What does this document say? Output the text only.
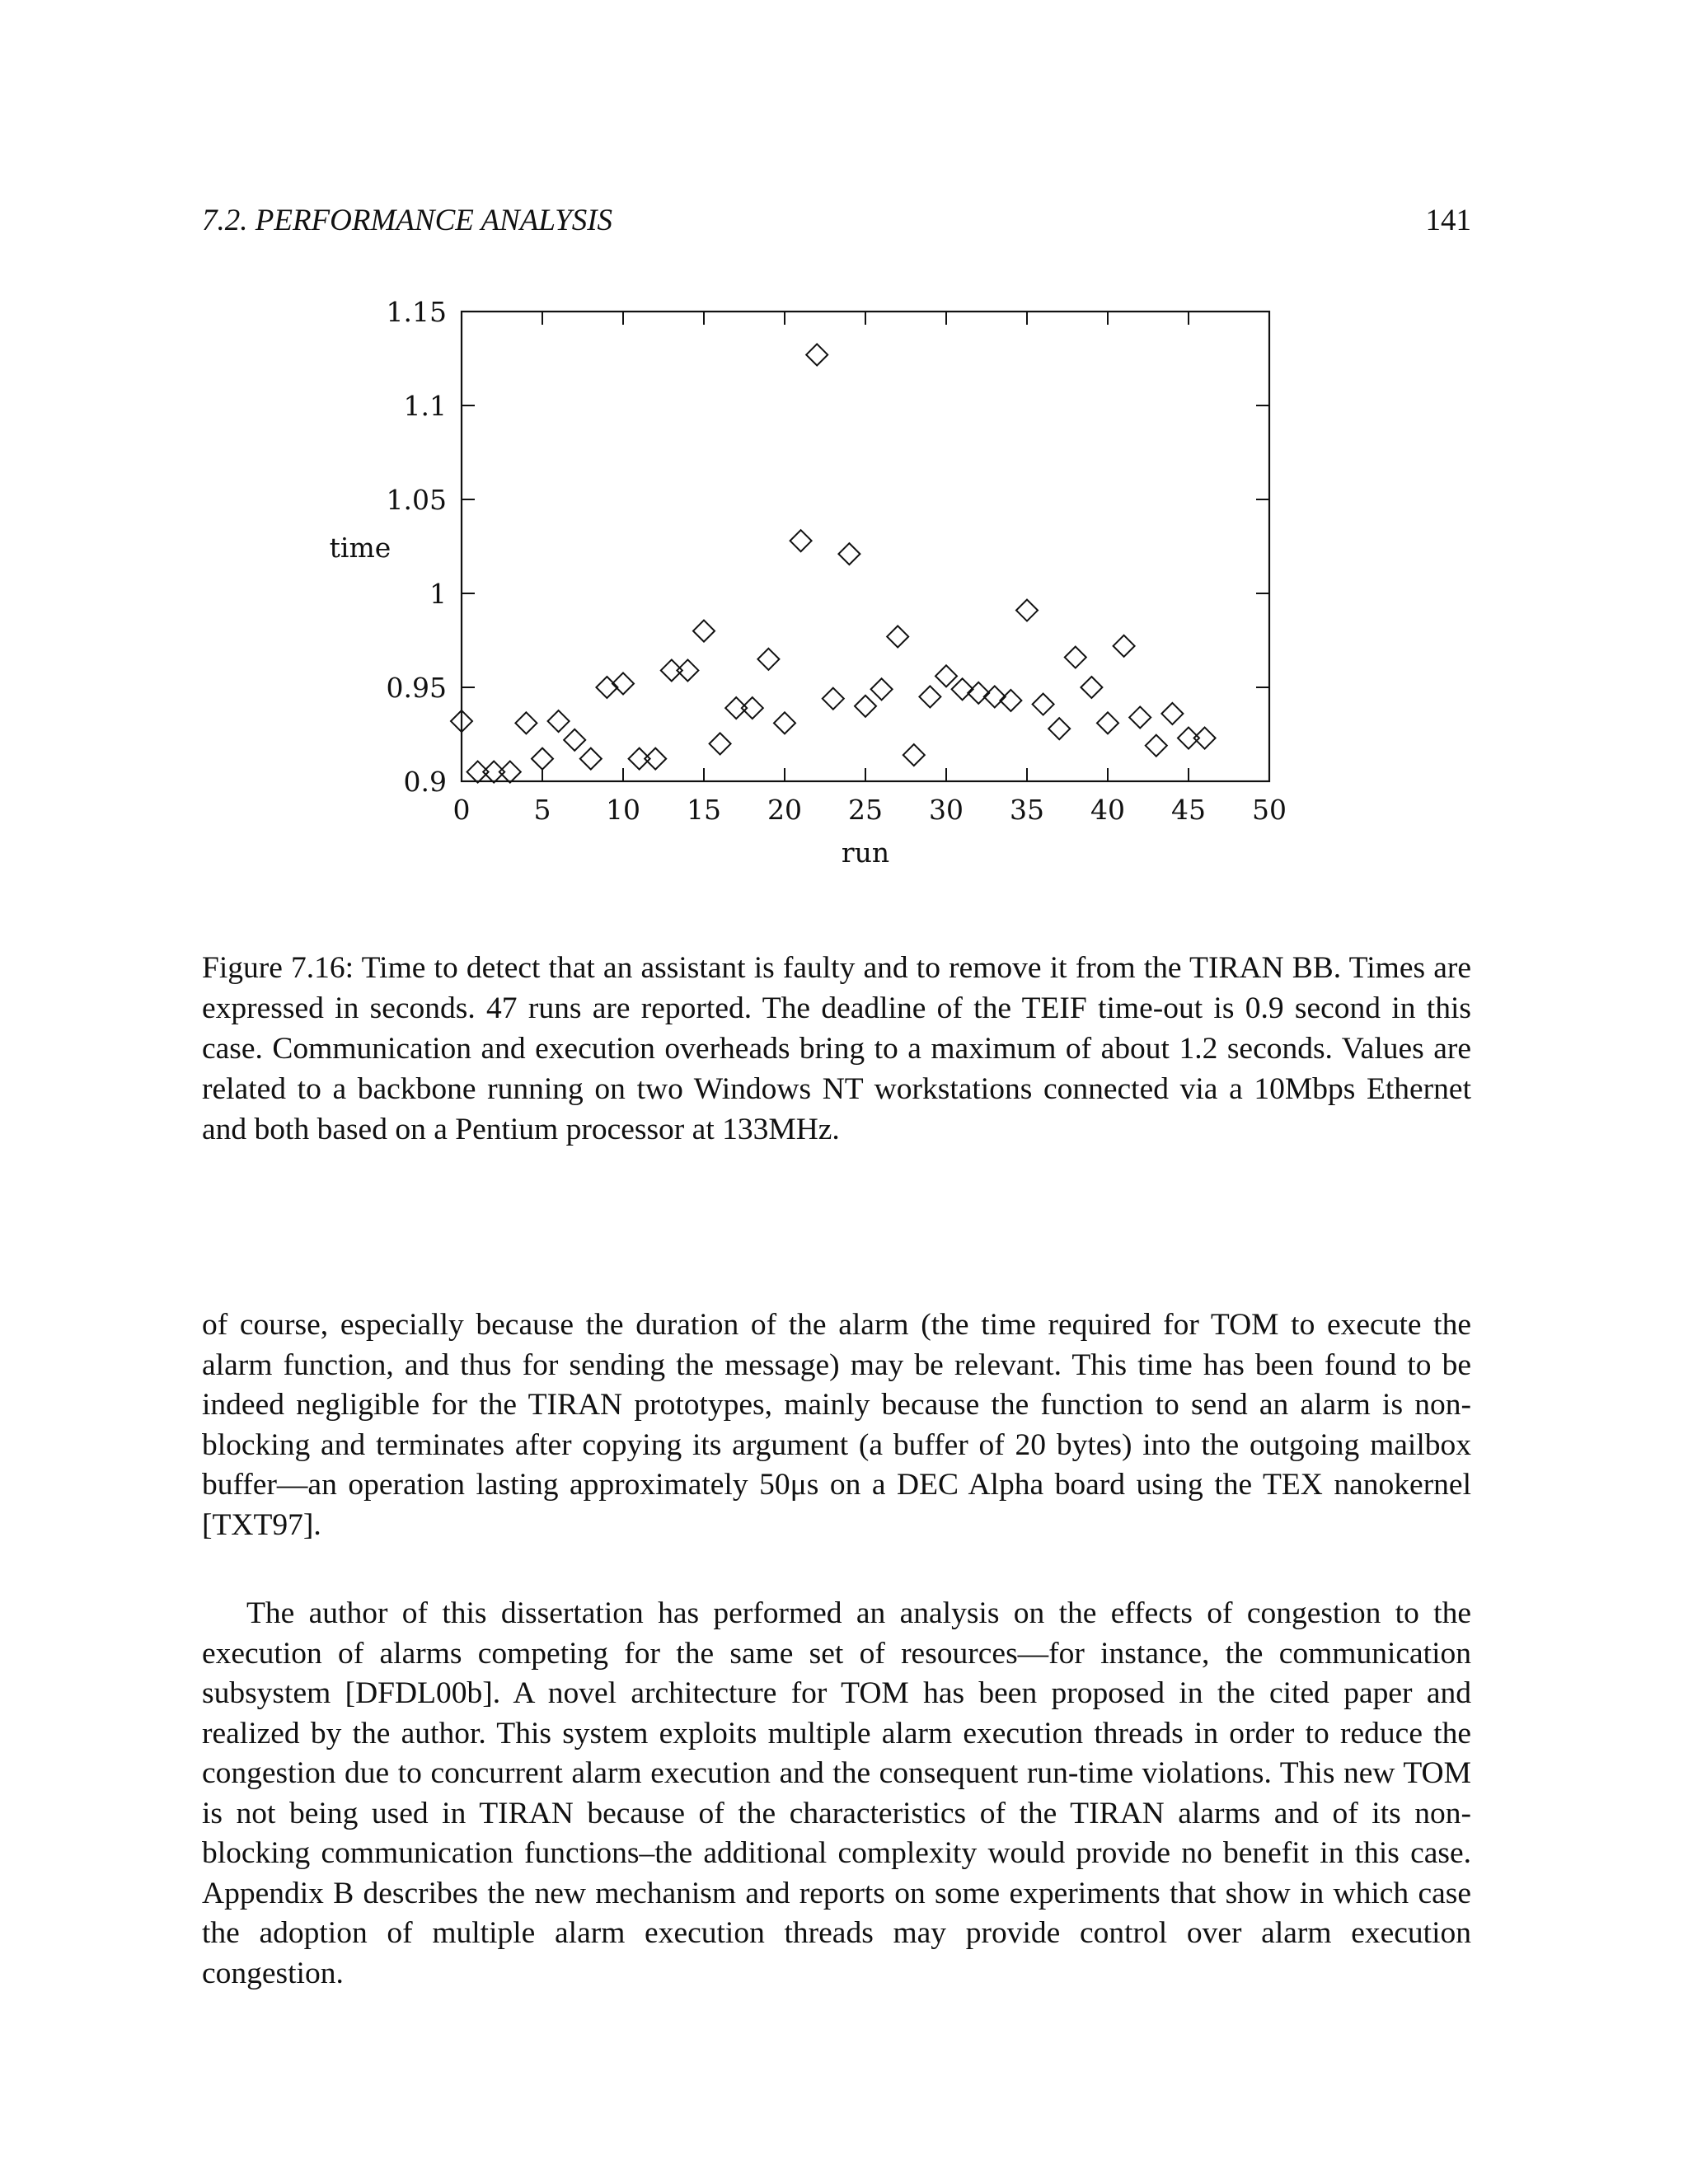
7.2. PERFORMANCE ANALYSIS	141
0 5 10 15 20 25 30 35 40 45 50
0.9
0.95
1
1.05
1.1
1.15
time
run

Figure 7.16: Time to detect that an assistant is faulty and to remove it from the TIRAN BB. Times are expressed in seconds. 47 runs are reported. The deadline of the TEIF time-out is 0.9 second in this case. Communication and execution overheads bring to a maximum of about 1.2 seconds. Values are related to a backbone running on two Windows NT workstations connected via a 10Mbps Ethernet and both based on a Pentium processor at 133MHz.

of course, especially because the duration of the alarm (the time required for TOM to execute the alarm function, and thus for sending the message) may be relevant. This time has been found to be indeed negligible for the TIRAN prototypes, mainly because the function to send an alarm is non-blocking and terminates after copying its argument (a buffer of 20 bytes) into the outgoing mailbox buffer—an operation lasting approximately 50μs on a DEC Alpha board using the TEX nanokernel [TXT97].

The author of this dissertation has performed an analysis on the effects of congestion to the execution of alarms competing for the same set of resources—for instance, the communication subsystem [DFDL00b]. A novel architecture for TOM has been proposed in the cited paper and realized by the author. This system exploits multiple alarm execution threads in order to reduce the congestion due to concurrent alarm execution and the consequent run-time violations. This new TOM is not being used in TIRAN because of the characteristics of the TIRAN alarms and of its non-blocking communication functions–the additional complexity would provide no benefit in this case. Appendix B describes the new mechanism and reports on some experiments that show in which case the adoption of multiple alarm execution threads may provide control over alarm execution congestion.
